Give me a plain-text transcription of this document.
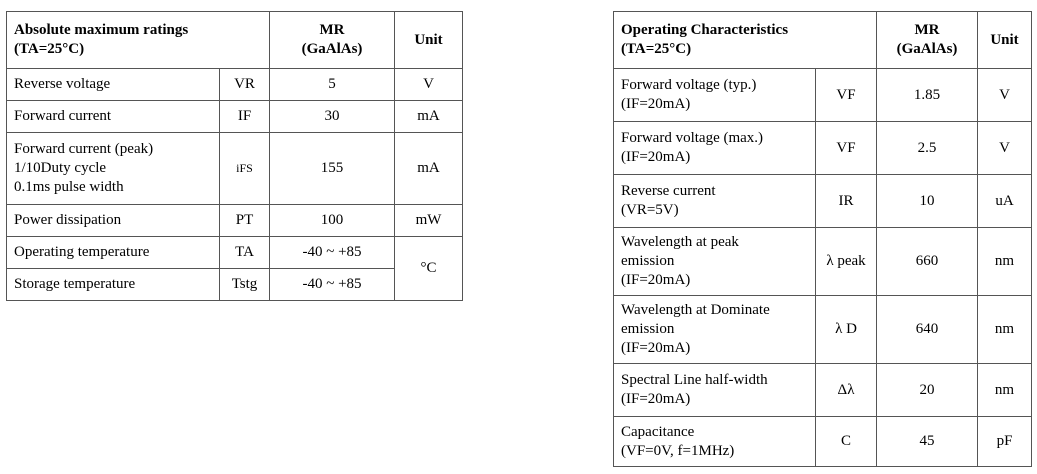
Absolute maximum ratings
(TA=25°C)		MR
(GaAlAs)	Unit
Reverse voltage	VR	5	V
Forward current	IF	30	mA
Forward current (peak)
1/10Duty cycle
0.1ms pulse width	iFS	155	mA
Power dissipation	PT	100	mW
Operating temperature	TA	-40 ~ +85	°C
Storage temperature	Tstg	-40 ~ +85	
Operating Characteristics
(TA=25°C)		MR
(GaAlAs)	Unit
Forward voltage (typ.)
(IF=20mA)	VF	1.85	V
Forward voltage (max.)
(IF=20mA)	VF	2.5	V
Reverse current
(VR=5V)	IR	10	uA
Wavelength at peak
emission
(IF=20mA)	λ peak	660	nm
Wavelength at Dominate
emission
(IF=20mA)	λ D	640	nm
Spectral Line half-width
(IF=20mA)	Δλ	20	nm
Capacitance
(VF=0V, f=1MHz)	C	45	pF
